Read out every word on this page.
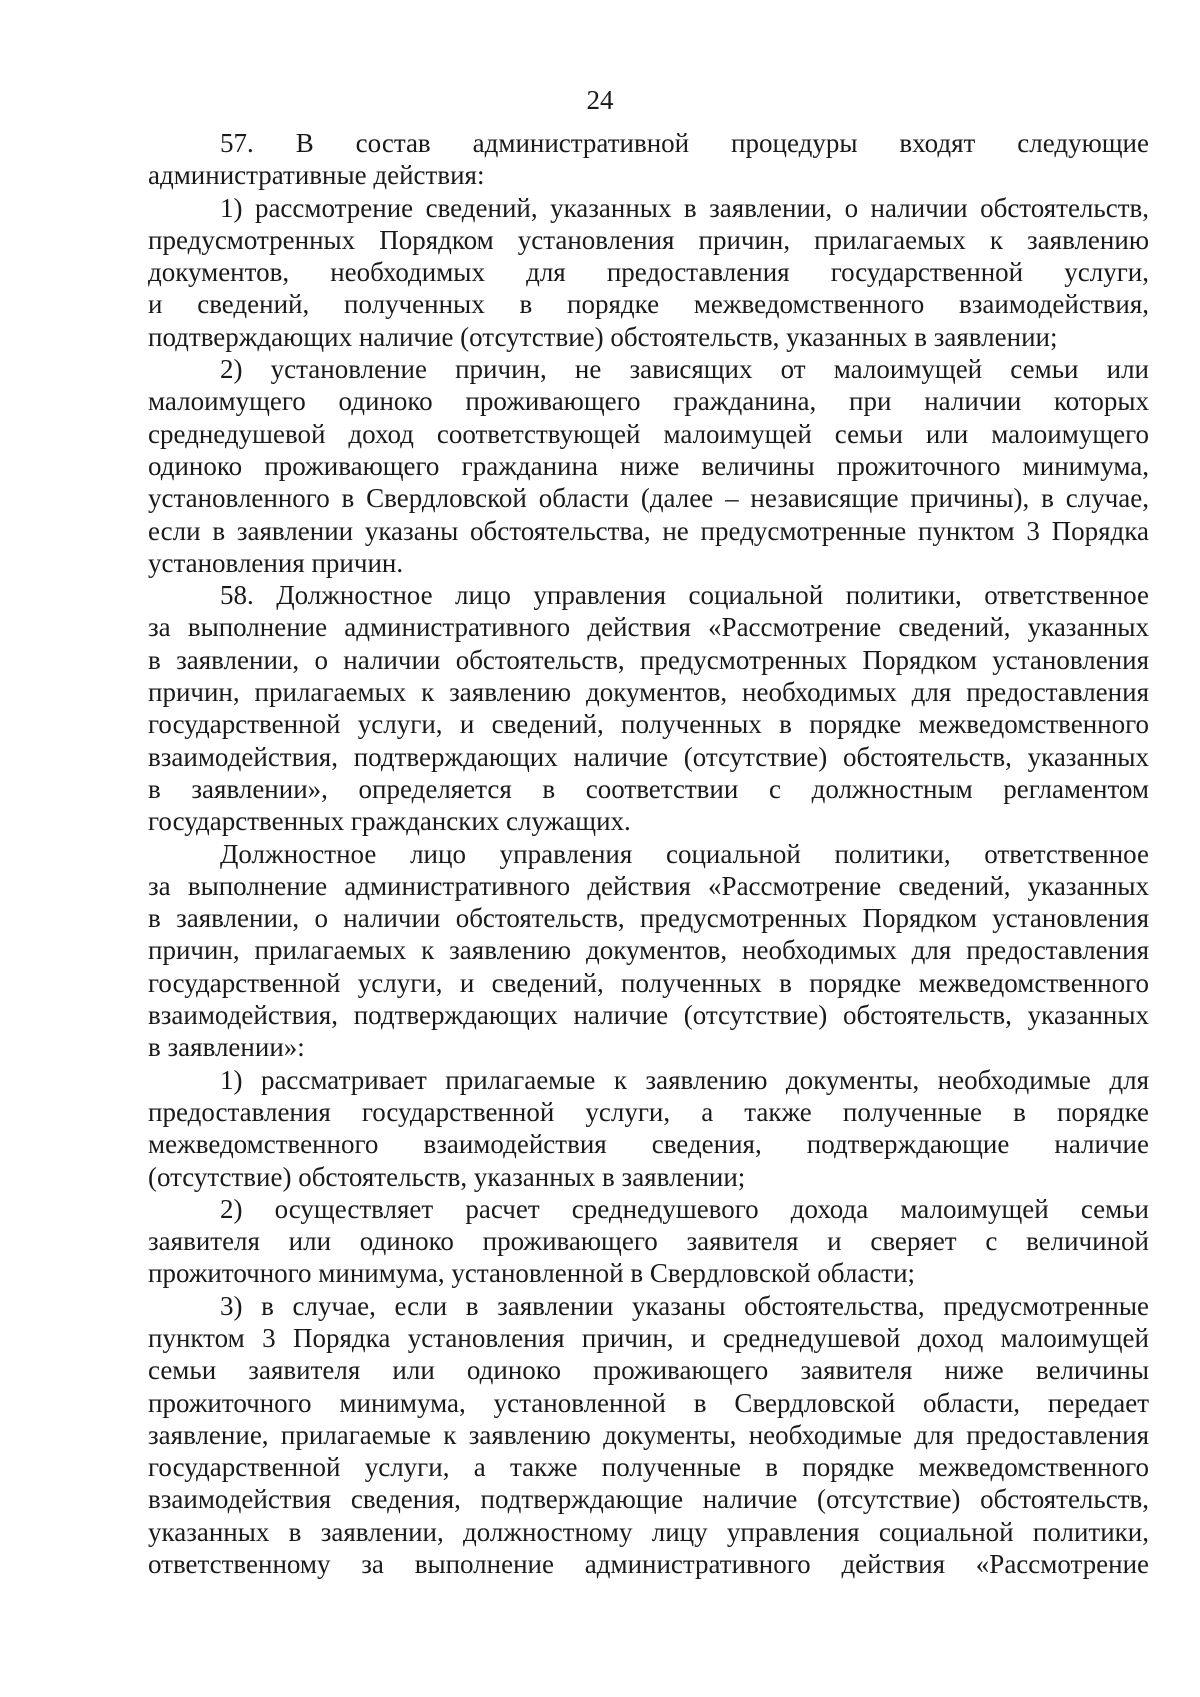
24
57. В состав административной процедуры входят следующие
административные действия:
1) рассмотрение сведений, указанных в заявлении, о наличии обстоятельств,
предусмотренных Порядком установления причин, прилагаемых к заявлению
документов, необходимых для предоставления государственной услуги,
и сведений, полученных в порядке межведомственного взаимодействия,
подтверждающих наличие (отсутствие) обстоятельств, указанных в заявлении;
2) установление причин, не зависящих от малоимущей семьи или
малоимущего одиноко проживающего гражданина, при наличии которых
среднедушевой доход соответствующей малоимущей семьи или малоимущего
одиноко проживающего гражданина ниже величины прожиточного минимума,
установленного в Свердловской области (далее – независящие причины), в случае,
если в заявлении указаны обстоятельства, не предусмотренные пунктом 3 Порядка
установления причин.
58. Должностное лицо управления социальной политики, ответственное
за выполнение административного действия «Рассмотрение сведений, указанных
в заявлении, о наличии обстоятельств, предусмотренных Порядком установления
причин, прилагаемых к заявлению документов, необходимых для предоставления
государственной услуги, и сведений, полученных в порядке межведомственного
взаимодействия, подтверждающих наличие (отсутствие) обстоятельств, указанных
в заявлении», определяется в соответствии с должностным регламентом
государственных гражданских служащих.
Должностное лицо управления социальной политики, ответственное
за выполнение административного действия «Рассмотрение сведений, указанных
в заявлении, о наличии обстоятельств, предусмотренных Порядком установления
причин, прилагаемых к заявлению документов, необходимых для предоставления
государственной услуги, и сведений, полученных в порядке межведомственного
взаимодействия, подтверждающих наличие (отсутствие) обстоятельств, указанных
в заявлении»:
1) рассматривает прилагаемые к заявлению документы, необходимые для
предоставления государственной услуги, а также полученные в порядке
межведомственного взаимодействия сведения, подтверждающие наличие
(отсутствие) обстоятельств, указанных в заявлении;
2) осуществляет расчет среднедушевого дохода малоимущей семьи
заявителя или одиноко проживающего заявителя и сверяет с величиной
прожиточного минимума, установленной в Свердловской области;
3) в случае, если в заявлении указаны обстоятельства, предусмотренные
пунктом 3 Порядка установления причин, и среднедушевой доход малоимущей
семьи заявителя или одиноко проживающего заявителя ниже величины
прожиточного минимума, установленной в Свердловской области, передает
заявление, прилагаемые к заявлению документы, необходимые для предоставления
государственной услуги, а также полученные в порядке межведомственного
взаимодействия сведения, подтверждающие наличие (отсутствие) обстоятельств,
указанных в заявлении, должностному лицу управления социальной политики,
ответственному за выполнение административного действия «Рассмотрение
